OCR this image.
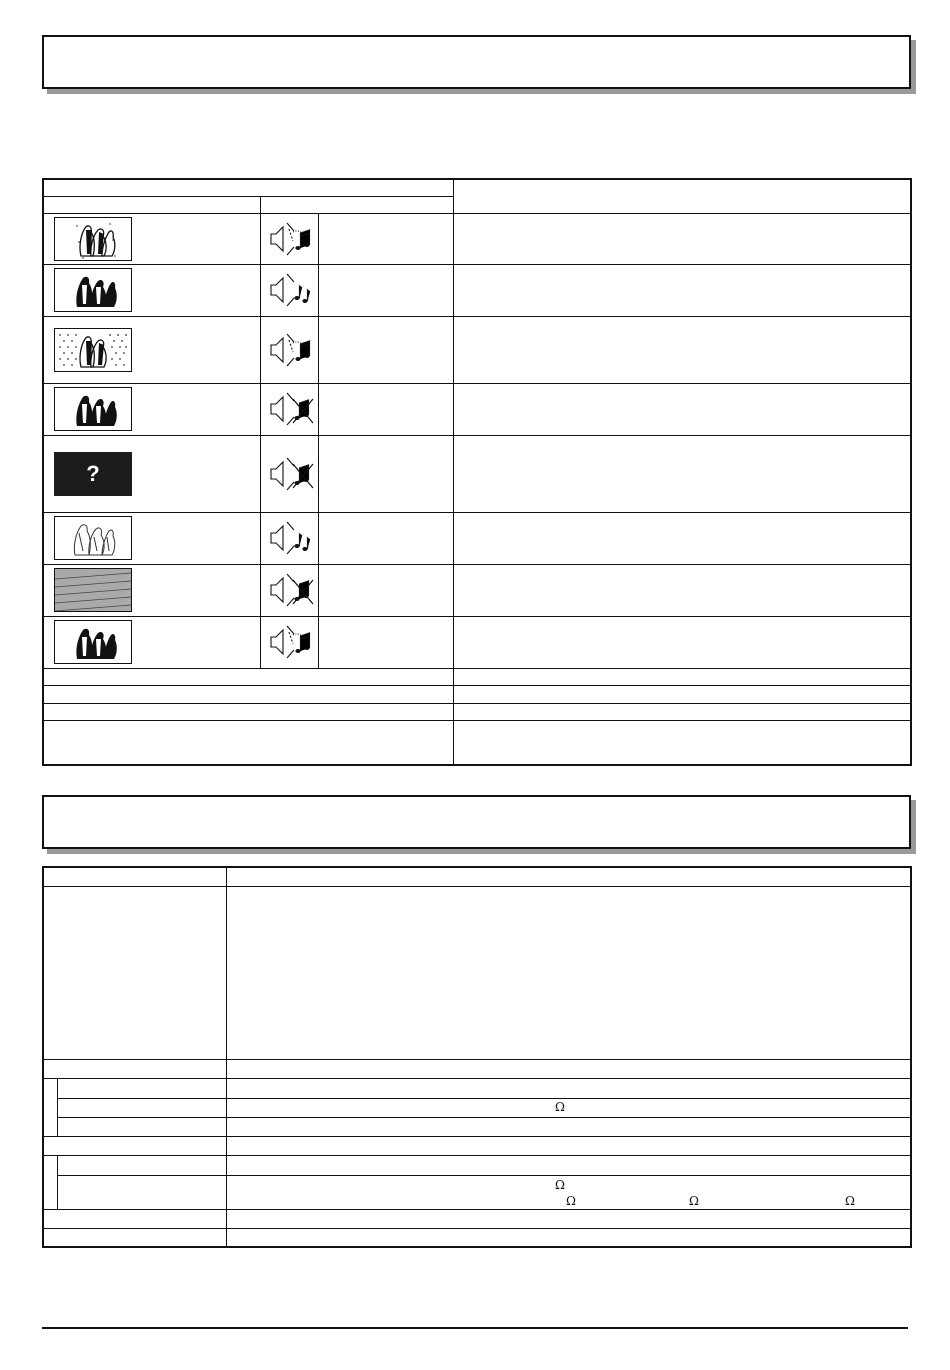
?

Ω
Ω
Ω	Ω	Ω
